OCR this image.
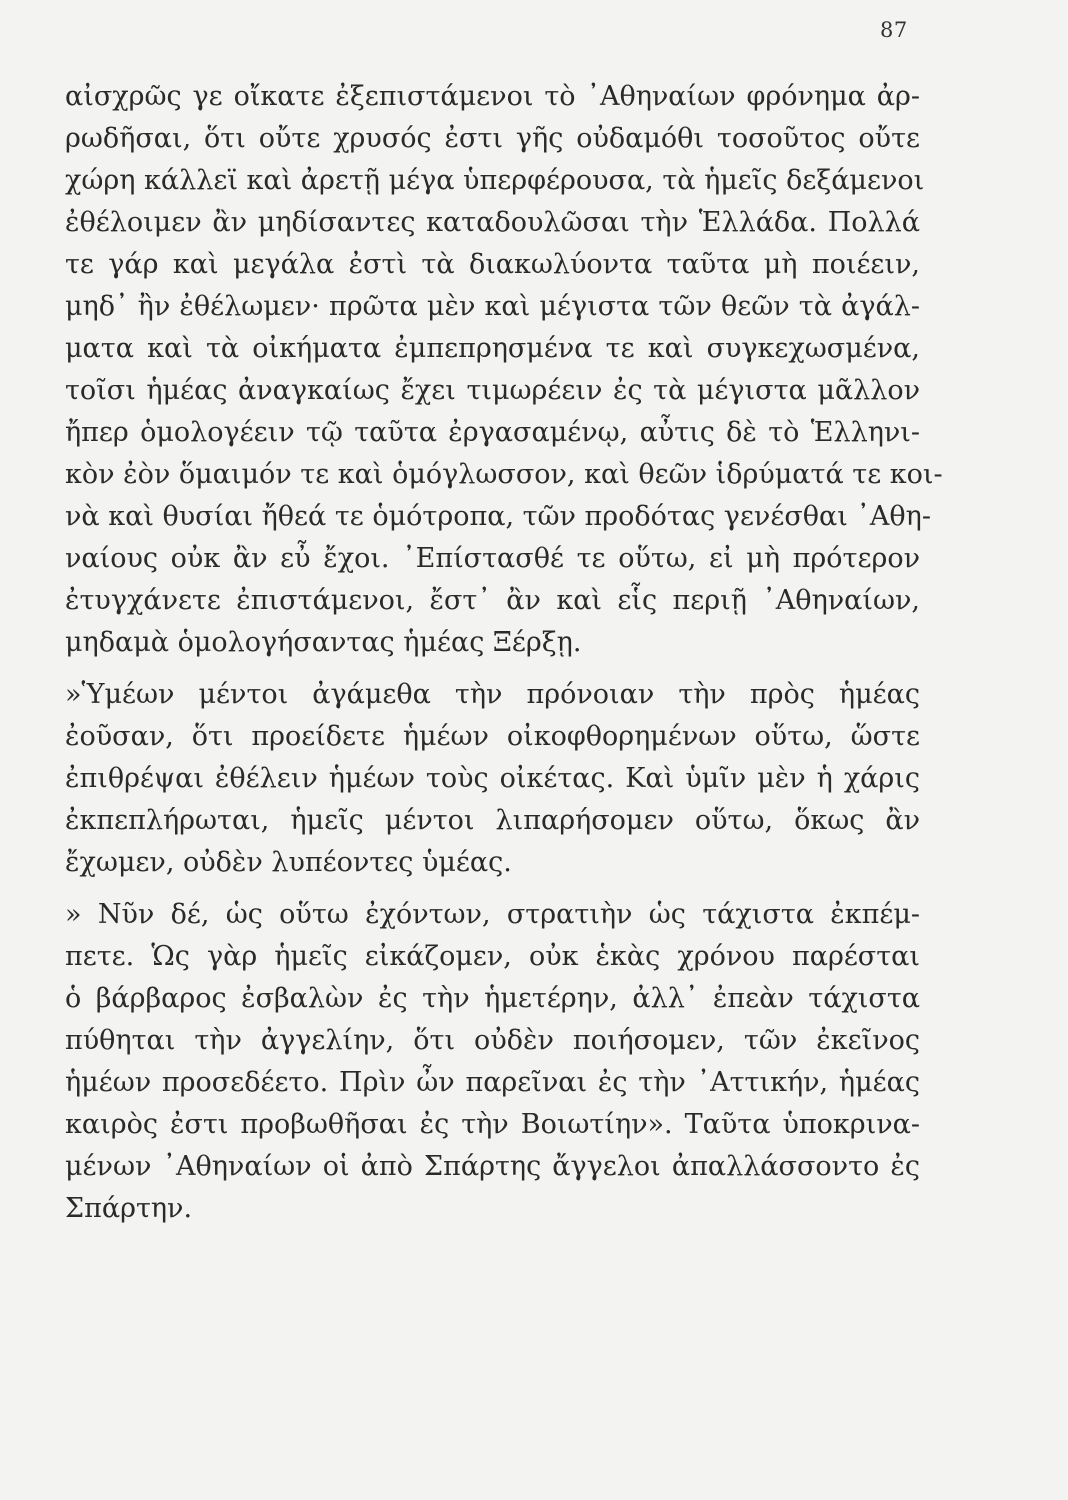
87
αἰσχρῶς γε οἴκατε ἐξεπιστάμενοι τὸ ᾿Αθηναίων φρόνημα ἀρ-
ρωδῆσαι, ὅτι οὔτε χρυσός ἐστι γῆς οὐδαμόθι τοσοῦτος οὔτε
χώρη κάλλεϊ καὶ ἀρετῇ μέγα ὑπερφέρουσα, τὰ ἡμεῖς δεξάμενοι
ἐθέλοιμεν ἂν μηδίσαντες καταδουλῶσαι τὴν Ἑλλάδα. Πολλά
τε γάρ καὶ μεγάλα ἐστὶ τὰ διακωλύοντα ταῦτα μὴ ποιέειν,
μηδ᾿ ἢν ἐθέλωμεν· πρῶτα μὲν καὶ μέγιστα τῶν θεῶν τὰ ἀγάλ-
ματα καὶ τὰ οἰκήματα ἐμπεπρησμένα τε καὶ συγκεχωσμένα,
τοῖσι ἡμέας ἀναγκαίως ἔχει τιμωρέειν ἐς τὰ μέγιστα μᾶλλον
ἤπερ ὁμολογέειν τῷ ταῦτα ἐργασαμένῳ, αὖτις δὲ τὸ Ἑλληνι-
κὸν ἐὸν ὅμαιμόν τε καὶ ὁμόγλωσσον, καὶ θεῶν ἱδρύματά τε κοι-
νὰ καὶ θυσίαι ἤθεά τε ὁμότροπα, τῶν προδότας γενέσθαι ᾿Αθη-
ναίους οὐκ ἂν εὖ ἔχοι. ᾿Επίστασθέ τε οὕτω, εἰ μὴ πρότερον
ἐτυγχάνετε ἐπιστάμενοι, ἔστ᾿ ἂν καὶ εἷς περιῇ ᾿Αθηναίων,
μηδαμὰ ὁμολογήσαντας ἡμέας Ξέρξῃ.
»Ὑμέων μέντοι ἀγάμεθα τὴν πρόνοιαν τὴν πρὸς ἡμέας
ἐοῦσαν, ὅτι προείδετε ἡμέων οἰκοφθορημένων οὕτω, ὥστε
ἐπιθρέψαι ἐθέλειν ἡμέων τοὺς οἰκέτας. Καὶ ὑμῖν μὲν ἡ χάρις
ἐκπεπλήρωται, ἡμεῖς μέντοι λιπαρήσομεν οὕτω, ὅκως ἂν
ἔχωμεν, οὐδὲν λυπέοντες ὑμέας.
» Νῦν δέ, ὡς οὕτω ἐχόντων, στρατιὴν ὡς τάχιστα ἐκπέμ-
πετε. Ὡς γὰρ ἡμεῖς εἰκάζομεν, οὐκ ἑκὰς χρόνου παρέσται
ὁ βάρβαρος ἐσβαλὼν ἐς τὴν ἡμετέρην, ἀλλ᾿ ἐπεὰν τάχιστα
πύθηται τὴν ἀγγελίην, ὅτι οὐδὲν ποιήσομεν, τῶν ἐκεῖνος
ἡμέων προσεδέετο. Πρὶν ὦν παρεῖναι ἐς τὴν ᾿Αττικήν, ἡμέας
καιρὸς ἐστι προβωθῆσαι ἐς τὴν Βοιωτίην». Ταῦτα ὑποκρινα-
μένων ᾿Αθηναίων οἱ ἀπὸ Σπάρτης ἄγγελοι ἀπαλλάσσοντο ἐς
Σπάρτην.
